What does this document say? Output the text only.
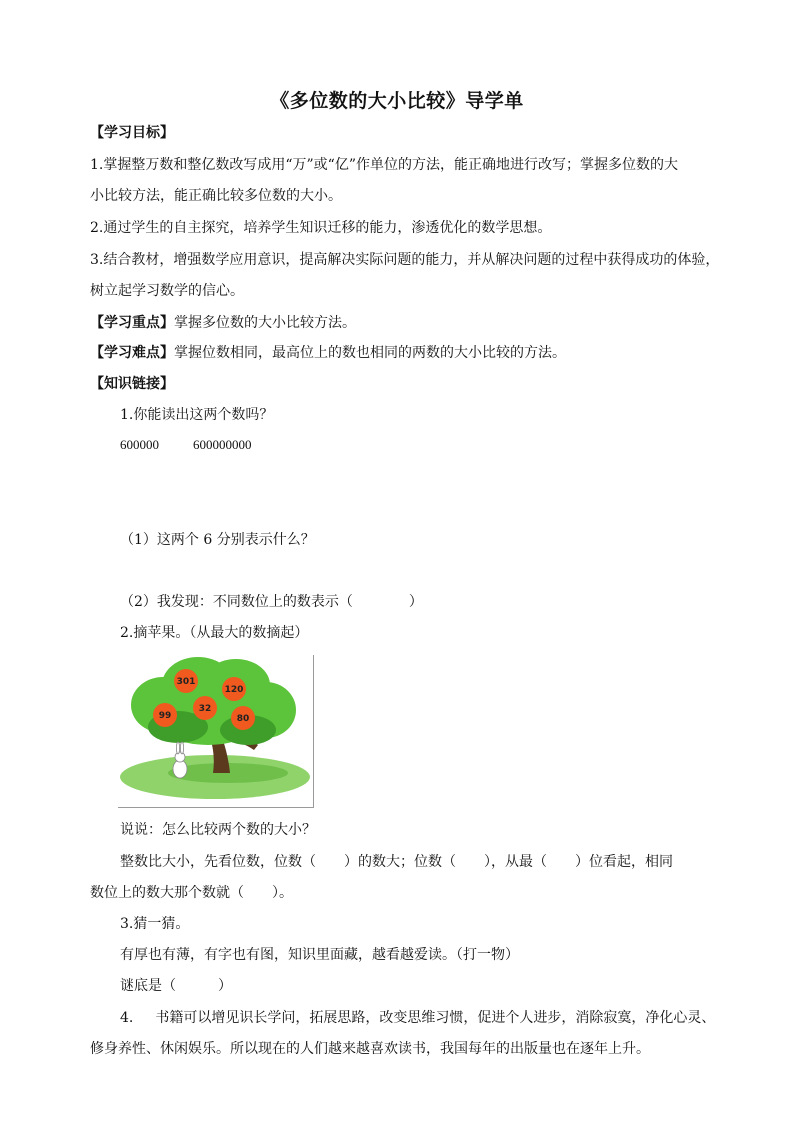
《多位数的大小比较》导学单
【学习目标】
1.掌握整万数和整亿数改写成用“万”或“亿”作单位的方法，能正确地进行改写；掌握多位数的大
小比较方法，能正确比较多位数的大小。
2.通过学生的自主探究，培养学生知识迁移的能力，渗透优化的数学思想。
3.结合教材，增强数学应用意识，提高解决实际问题的能力，并从解决问题的过程中获得成功的体验，
树立起学习数学的信心。
【学习重点】掌握多位数的大小比较方法。
【学习难点】掌握位数相同，最高位上的数也相同的两数的大小比较的方法。
【知识链接】
1.你能读出这两个数吗？
600000	600000000
（1）这两个 6 分别表示什么？
（2）我发现：不同数位上的数表示（　　　　）
2.摘苹果。（从最大的数摘起）
301
120
32
99	80
说说：怎么比较两个数的大小？
整数比大小，先看位数，位数（　　）的数大；位数（　　），从最（　　）位看起，相同
数位上的数大那个数就（　　）。
3.猜一猜。
有厚也有薄，有字也有图，知识里面藏，越看越爱读。（打一物）
谜底是（　　　）
4. 书籍可以增见识长学问，拓展思路，改变思维习惯，促进个人进步，消除寂寞，净化心灵、
修身养性、休闲娱乐。所以现在的人们越来越喜欢读书，我国每年的出版量也在逐年上升。
